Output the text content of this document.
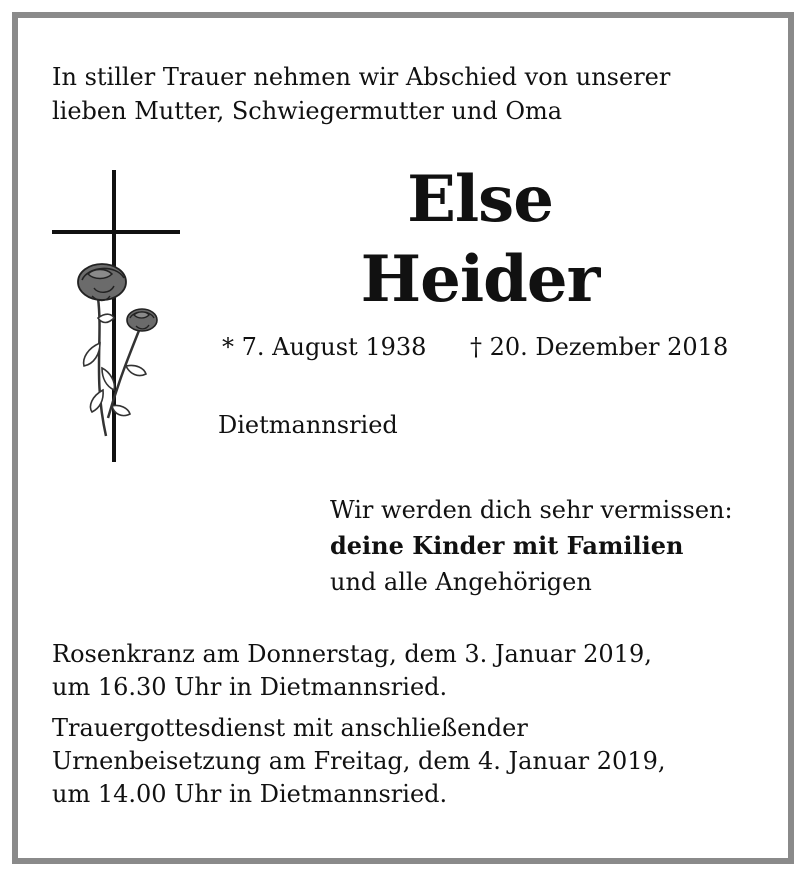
In stiller Trauer nehmen wir Abschied von unserer
lieben Mutter, Schwiegermutter und Oma
Else
Heider
* 7. August 1938 † 20. Dezember 2018
Dietmannsried
Wir werden dich sehr vermissen:
deine Kinder mit Familien
und alle Angehörigen
Rosenkranz am Donnerstag, dem 3. Januar 2019,
um 16.30 Uhr in Dietmannsried.
Trauergottesdienst mit anschließender
Urnenbeisetzung am Freitag, dem 4. Januar 2019,
um 14.00 Uhr in Dietmannsried.
